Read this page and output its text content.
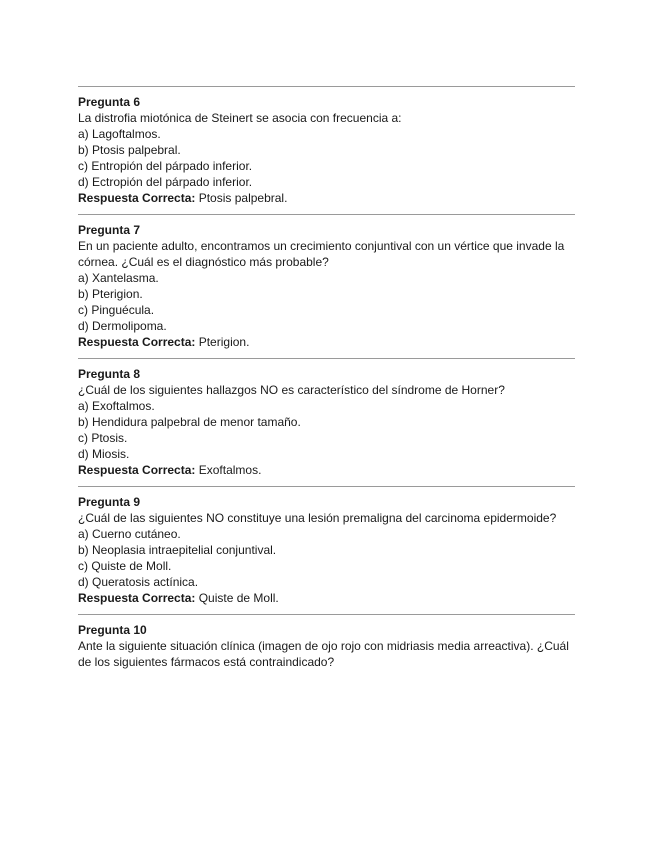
Pregunta 6

La distrofia miotónica de Steinert se asocia con frecuencia a:

a) Lagoftalmos.
b) Ptosis palpebral.
c) Entropión del párpado inferior.
d) Ectropión del párpado inferior.

Respuesta Correcta: Ptosis palpebral.

Pregunta 7

En un paciente adulto, encontramos un crecimiento conjuntival con un vértice que invade la córnea. ¿Cuál es el diagnóstico más probable?

a) Xantelasma.
b) Pterigion.
c) Pinguécula.
d) Dermolipoma.

Respuesta Correcta: Pterigion.

Pregunta 8

¿Cuál de los siguientes hallazgos NO es característico del síndrome de Horner?

a) Exoftalmos.
b) Hendidura palpebral de menor tamaño.
c) Ptosis.
d) Miosis.

Respuesta Correcta: Exoftalmos.

Pregunta 9

¿Cuál de las siguientes NO constituye una lesión premaligna del carcinoma epidermoide?

a) Cuerno cutáneo.
b) Neoplasia intraepitelial conjuntival.
c) Quiste de Moll.
d) Queratosis actínica.

Respuesta Correcta: Quiste de Moll.

Pregunta 10

Ante la siguiente situación clínica (imagen de ojo rojo con midriasis media arreactiva). ¿Cuál de los siguientes fármacos está contraindicado?
